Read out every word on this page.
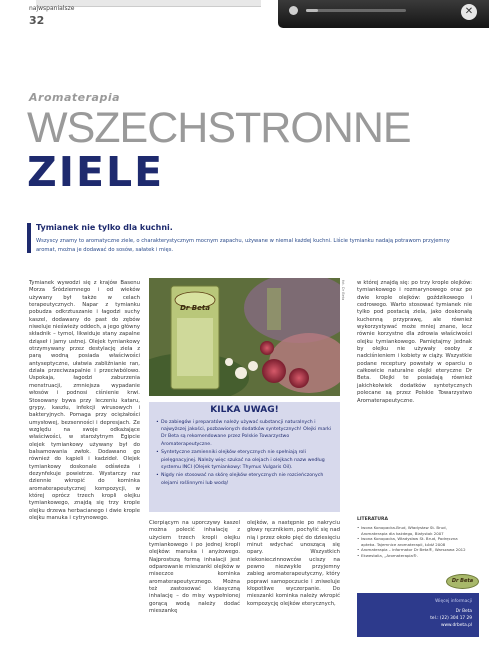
najwspanialsze
32
✕
Aromaterapia
WSZECHSTRONNE
ZIELE
Tymianek nie tylko dla kuchni.
Wszyscy znamy to aromatyczne ziele, o charakterystycznym mocnym zapachu, używane w niemal każdej kuchni. Liście tymianku nadają potrawom przyjemny aromat, można je dodawać do sosów, sałatek i mięs.

Tymianek wywodzi się z krajów Basenu Morza Śródziemnego i od wieków używany był także w celach terapeutycznych. Napar z tymianku pobudza odkrztuszanie i łagodzi suchy kaszel, dodawany do past do zębów niweluje nieświeży oddech, a jego główny składnik – tymol, likwiduje stany zapalne dziąseł i jamy ustnej. Olejek tymiankowy otrzymywany przez destylację ziela z parą wodną posiada właściwości antyseptyczne, ułatwia zabliźnianie ran, działa przeciwzapalnie i przeciwbólowo. Uspokaja, łagodzi zaburzenia menstruacji, zmniejsza wypadanie włosów i podnosi ciśnienie krwi. Stosowany bywa przy leczeniu kataru, grypy, kaszlu, infekcji wirusowych i bakteryjnych. Pomaga przy ociężałości umysłowej, bezsenności i depresjach. Ze względu na swoje odkażające właściwości, w starożytnym Egipcie olejek tymiankowy używany był do balsamowania zwłok. Dodawano go również do kąpieli i kadzideł. Olejek tymiankowy doskonale odświeża i dezynfekuje powietrze. Wystarczy raz dziennie wkropić do kominka aromaterapeutycznej kompozycji, w której oprócz trzech kropli olejku tymiankowego, znajdą się trzy krople olejku drzewa herbacianego i dwie krople olejku manuka i cytrynowego.

Dr Beta
fot. Dr Beta
KILKA UWAG!
• Do zabiegów i preparatów należy używać substancji naturalnych i najwyższej jakości, pozbawionych dodatków syntetycznych! Olejki marki Dr Beta są rekomendowane przez Polskie Towarzystwo Aromaterapeutyczne.
• Syntetyczne zamienniki olejków eterycznych nie spełniają roli pielęgnacyjnej. Należy więc szukać na olejach i olejkach nazw według systemu INCI (Olejek tymiankowy: Thymus Vulgaris Oil).
• Nigdy nie stosować na skórę olejków eterycznych nie rozcieńczonych olejami roślinnymi lub wodą!

Cierpiącym na uporczywy kaszel można polecić inhalację z użyciem trzech kropli olejku tymiankowego i po jednej kropli olejków: manuka i anyżowego. Najprostszą formą inhalacji jest odparowanie mieszanki olejków w miseczce kominka aromaterapeutycznego. Można też zastosować klasyczną inhalację – do misy wypełnionej gorącą wodą należy dodać mieszankę

olejków, a następnie po nakryciu głowy ręcznikiem, pochylić się nad nią i przez około pięć do dziesięciu minut wdychać unoszącą się opary. Wszystkich niekonieczinnowców uciszy na pewno niezwykle przyjemny zabieg aromaterapeutyczny, który poprawi samopoczucie i zniweluje kłopotliwe wyczerpanie. Do mieszanki kominka należy wkropić kompozycję olejków eterycznych,

w której znajdą się: po trzy krople olejków: tymiankowego i rozmarynowego oraz po dwie krople olejków: goździkowego i cedrowego. Warto stosować tymianek nie tylko pod postacią ziela, jako doskonałą kuchenną przyprawę, ale również wykorzystywać może mniej znane, lecz równie korzystne dla zdrowia właściwości olejku tymiankowego. Pamiętajmy jednak by olejku nie używały osoby z nadciśnieniem i kobiety w ciąży. Wszystkie podane receptury powstały w oparciu o całkowicie naturalne olejki eteryczne Dr Beta. Olejki te posiadają również jakichkolwiek dodatków syntetycznych polecane są przez Polskie Towarzystwo Aromaterapeutyczne.

LITERATURA
• Iwona Konopacka-Brud, Władysław St. Brud, Aromaterapia dla każdego, Białystok 2007
• Iwona Konopacka, Władysław St. Brud, Podręczna apteka. Tajemnice aromaterapii, Łódź 2008
• Aromaterapia – informator Dr Beta®, Warszawa 2012
• Ekwestalia, „Aromaterapia®.
Dr Beta
Więcej informacji
Dr Beta
tel.: (22) 304 17 29
www.drbeta.pl
